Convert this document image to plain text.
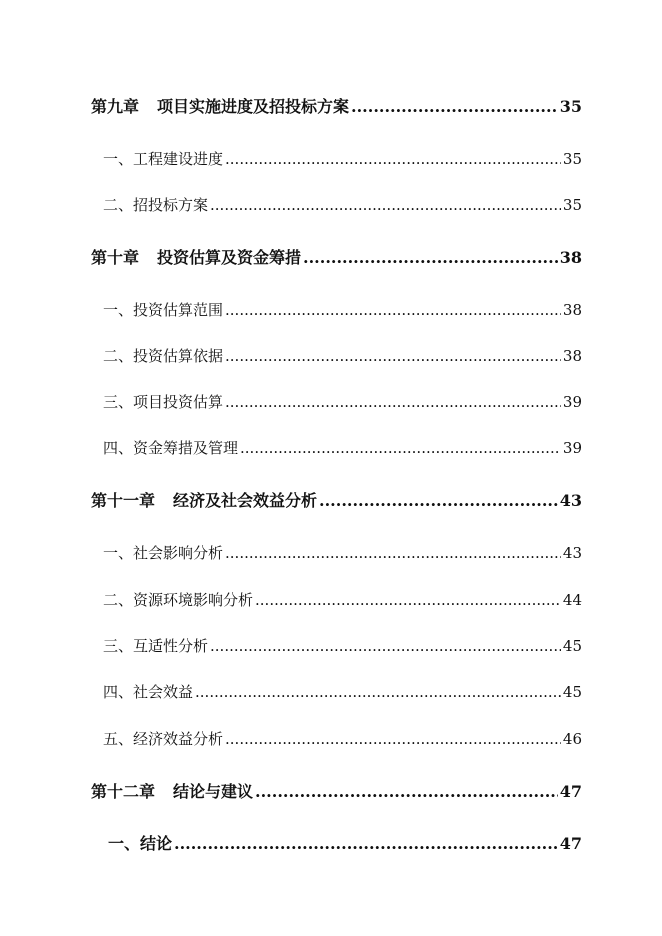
第九章 项目实施进度及招投标方案 .....	35
一、工程建设进度 .....	35
二、招投标方案 .....	35
第十章 投资估算及资金筹措 .....	38
一、投资估算范围 .....	38
二、投资估算依据 .....	38
三、项目投资估算 .....	39
四、资金筹措及管理 .....	39
第十一章 经济及社会效益分析 .....	43
一、社会影响分析 .....	43
二、资源环境影响分析 .....	44
三、互适性分析 .....	45
四、社会效益 .....	45
五、经济效益分析 .....	46
第十二章 结论与建议 .....	47
一、结论 .....	47
